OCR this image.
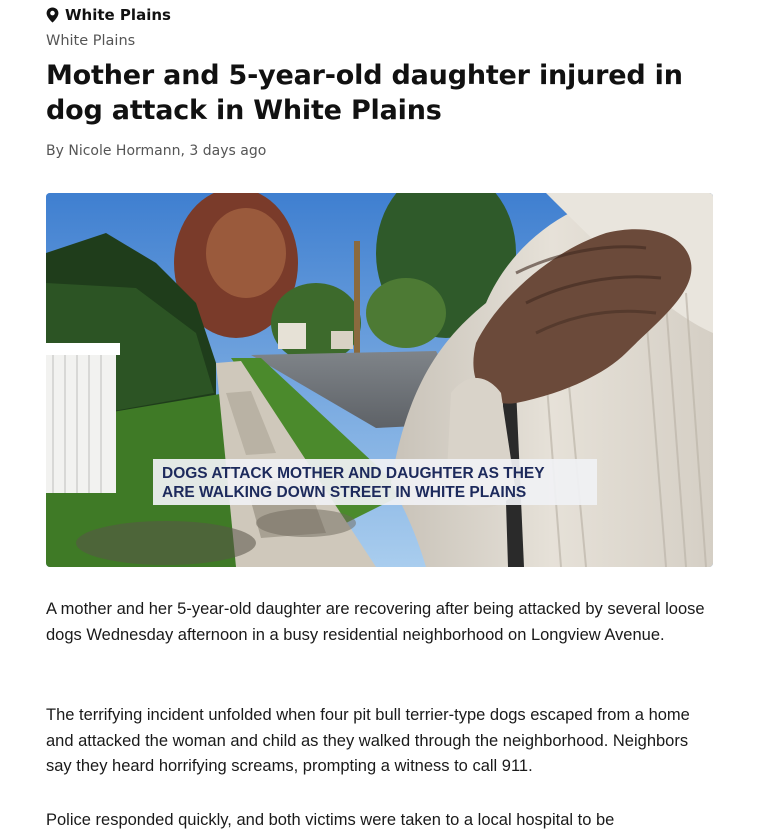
White Plains
White Plains
Mother and 5-year-old daughter injured in
dog attack in White Plains
By Nicole Hormann, 3 days ago
DOGS ATTACK MOTHER AND DAUGHTER AS THEY
ARE WALKING DOWN STREET IN WHITE PLAINS

A mother and her 5-year-old daughter are recovering after being attacked by several loose dogs Wednesday afternoon in a busy residential neighborhood on Longview Avenue.

The terrifying incident unfolded when four pit bull terrier-type dogs escaped from a home and attacked the woman and child as they walked through the neighborhood. Neighbors say they heard horrifying screams, prompting a witness to call 911.

Police responded quickly, and both victims were taken to a local hospital to be
